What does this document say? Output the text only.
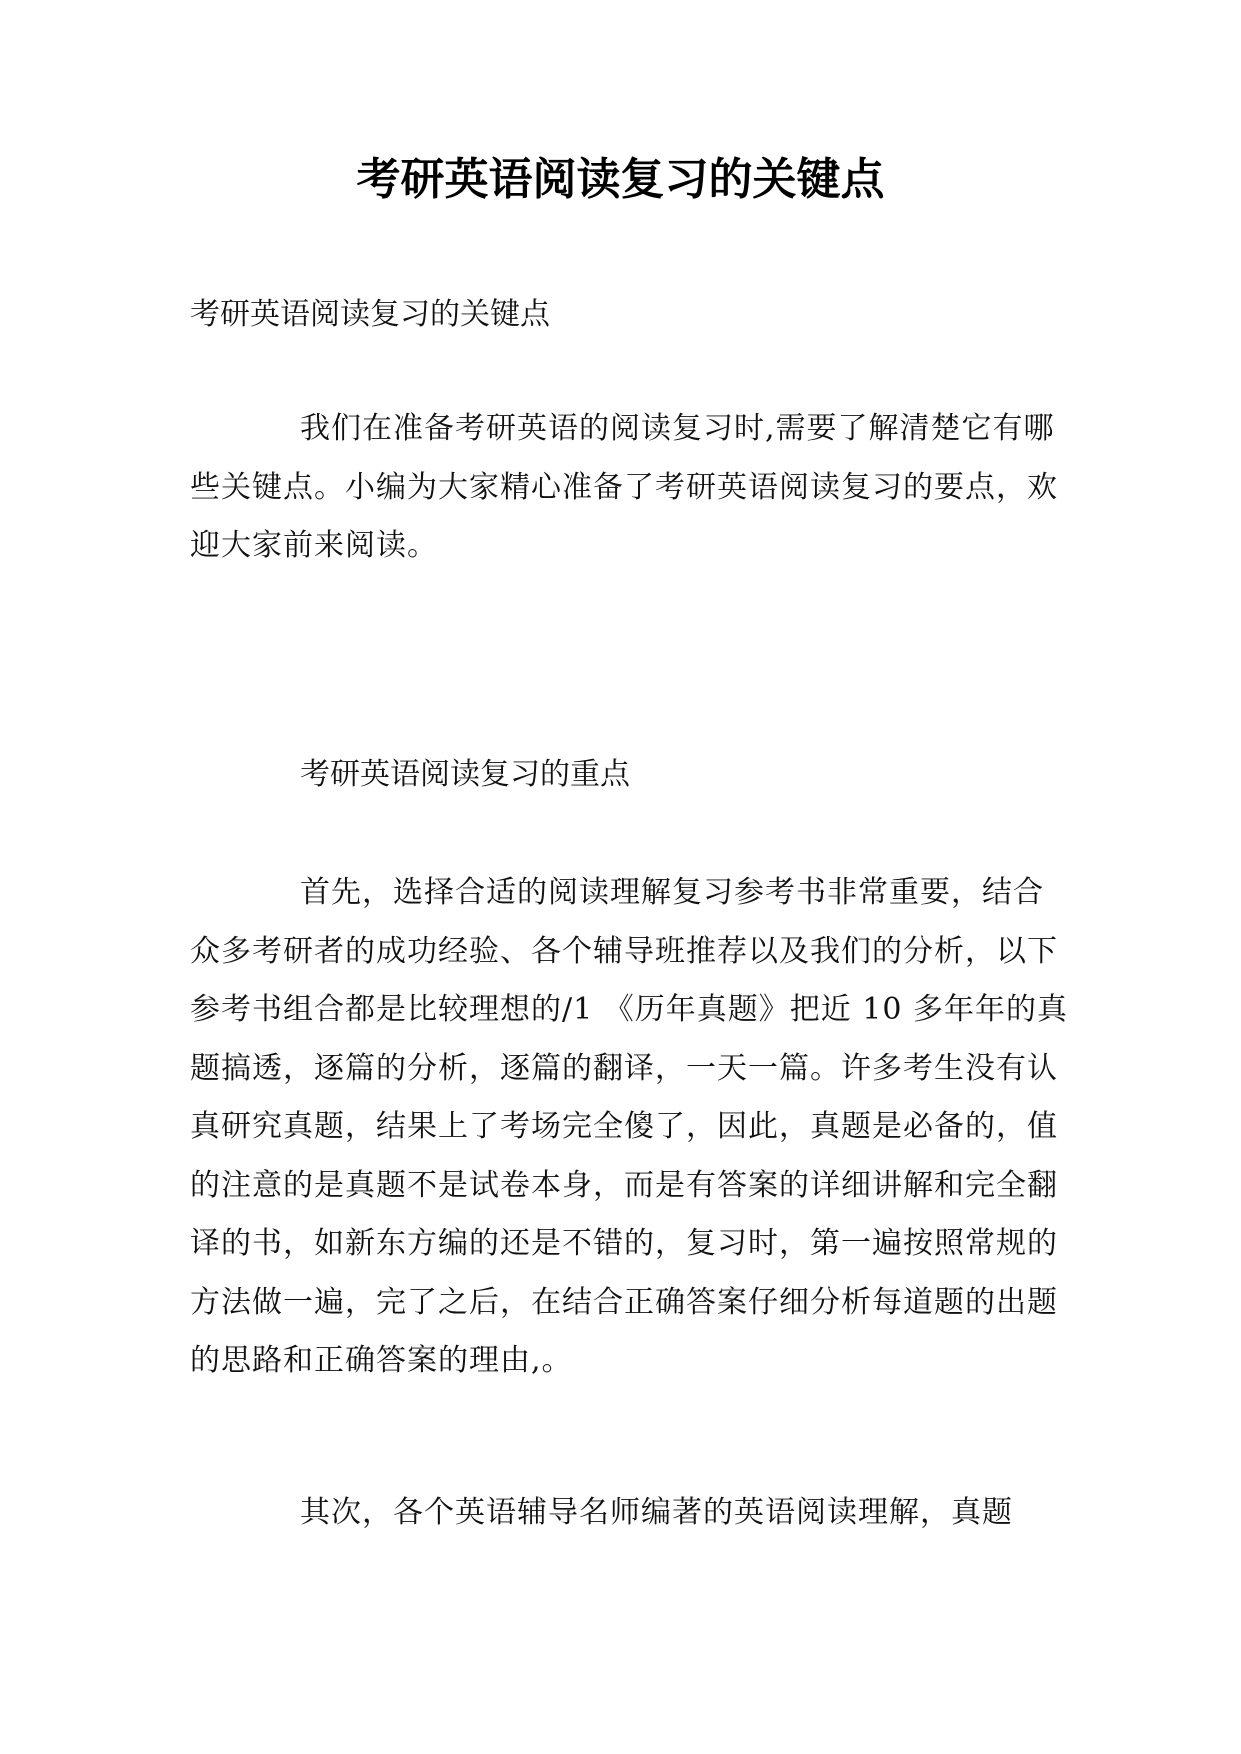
考研英语阅读复习的关键点
考研英语阅读复习的关键点
我们在准备考研英语的阅读复习时,需要了解清楚它有哪些关键点。小编为大家精心准备了考研英语阅读复习的要点，欢迎大家前来阅读。
考研英语阅读复习的重点
首先，选择合适的阅读理解复习参考书非常重要，结合众多考研者的成功经验、各个辅导班推荐以及我们的分析，以下参考书组合都是比较理想的/1 《历年真题》把近 10 多年年的真题搞透，逐篇的分析，逐篇的翻译，一天一篇。许多考生没有认真研究真题，结果上了考场完全傻了，因此，真题是必备的，值的注意的是真题不是试卷本身，而是有答案的详细讲解和完全翻译的书，如新东方编的还是不错的，复习时，第一遍按照常规的方法做一遍，完了之后，在结合正确答案仔细分析每道题的出题的思路和正确答案的理由,。
其次，各个英语辅导名师编著的英语阅读理解，真题
